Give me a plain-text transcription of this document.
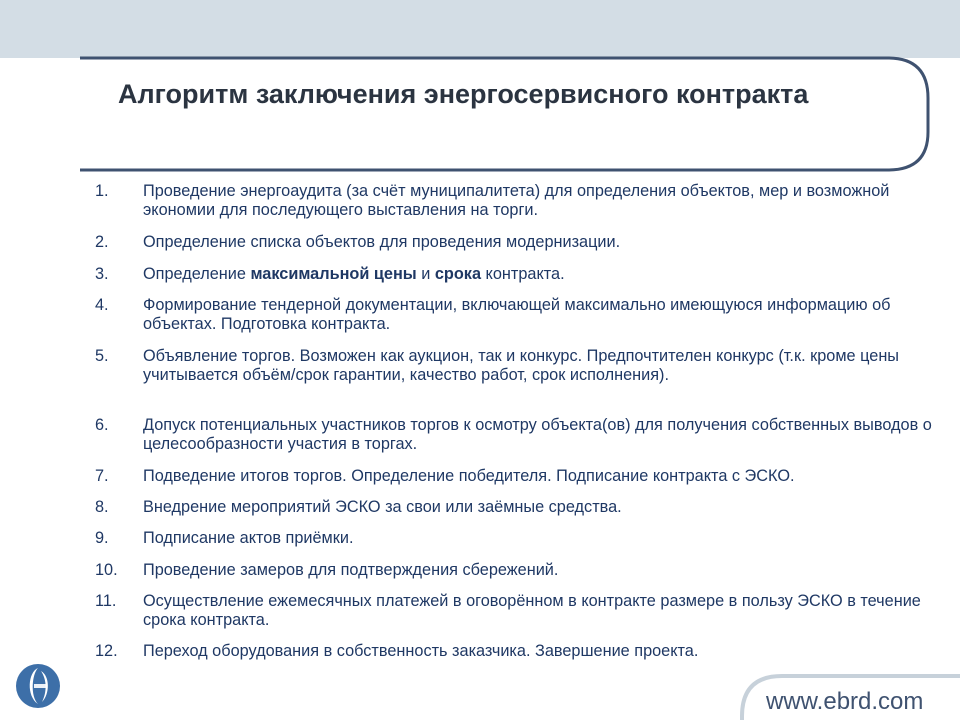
Алгоритм заключения энергосервисного контракта
1.	Проведение энергоаудита (за счёт муниципалитета) для определения объектов, мер и возможной экономии для последующего выставления на торги.
2.	Определение списка объектов для проведения модернизации.
3.	Определение максимальной цены и срока контракта.
4.	Формирование тендерной документации, включающей максимально имеющуюся информацию об объектах. Подготовка контракта.
5.	Объявление торгов. Возможен как аукцион, так и конкурс. Предпочтителен конкурс (т.к. кроме цены учитывается объём/срок гарантии, качество работ, срок исполнения).
6.	Допуск потенциальных участников торгов к осмотру объекта(ов) для получения собственных выводов о целесообразности участия в торгах.
7.	Подведение итогов торгов. Определение победителя. Подписание контракта с ЭСКО.
8.	Внедрение мероприятий ЭСКО за свои или заёмные средства.
9.	Подписание актов приёмки.
10.	Проведение замеров для подтверждения сбережений.
11.	Осуществление ежемесячных платежей в оговорённом в контракте размере в пользу ЭСКО в течение срока контракта.
12.	Переход оборудования в собственность заказчика. Завершение проекта.
www.ebrd.com
